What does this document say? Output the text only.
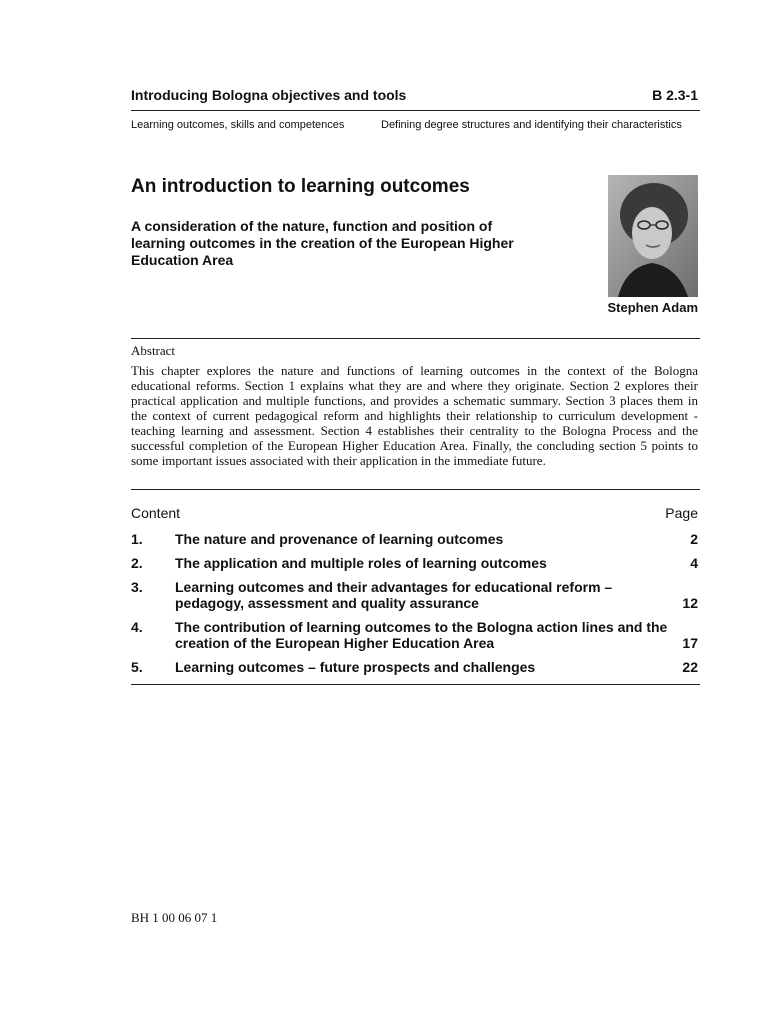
Introducing Bologna objectives and tools	B 2.3-1
Learning outcomes, skills and competences	Defining degree structures and identifying their characteristics
An introduction to learning outcomes

A consideration of the nature, function and position of learning outcomes in the creation of the European Higher Education Area

Stephen Adam
Abstract

This chapter explores the nature and functions of learning outcomes in the context of the Bologna educational reforms. Section 1 explains what they are and where they originate. Section 2 explores their practical application and multiple functions, and provides a schematic summary. Section 3 places them in the context of current pedagogical reform and highlights their relationship to curriculum development - teaching learning and assessment. Section 4 establishes their centrality to the Bologna Process and the successful completion of the European Higher Education Area. Finally, the concluding section 5 points to some important issues associated with their application in the immediate future.

Content	Page
1.	The nature and provenance of learning outcomes	2
2.	The application and multiple roles of learning outcomes	4
3.	Learning outcomes and their advantages for educational reform – pedagogy, assessment and quality assurance	12
4.	The contribution of learning outcomes to the Bologna action lines and the creation of the European Higher Education Area	17
5.	Learning outcomes – future prospects and challenges	22
BH 1 00 06 07 1
